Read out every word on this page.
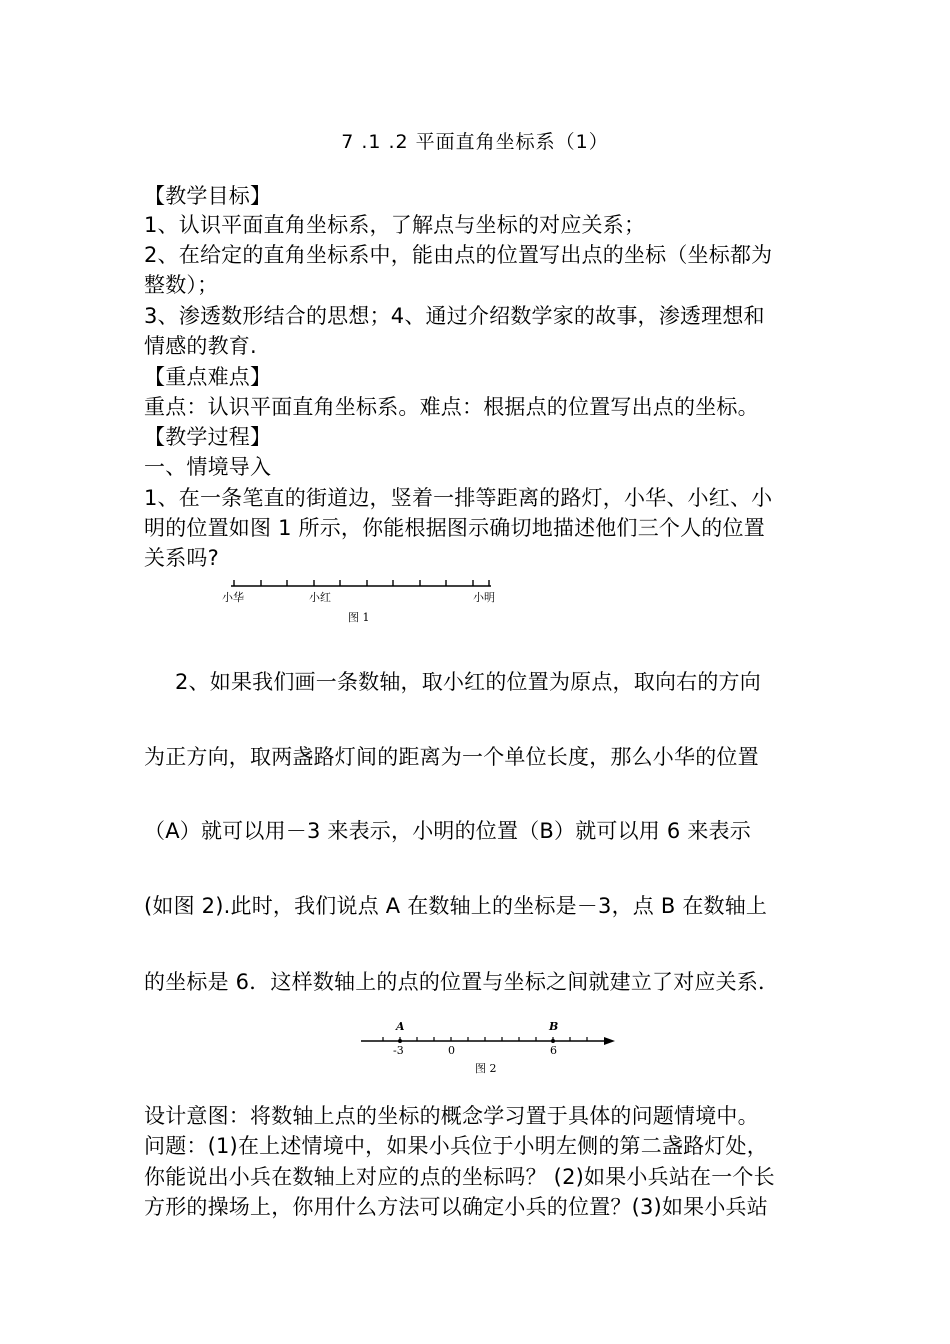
7 .1 .2 平面直角坐标系（1）
【教学目标】
1、认识平面直角坐标系，了解点与坐标的对应关系；
2、在给定的直角坐标系中，能由点的位置写出点的坐标（坐标都为
整数）；
3、渗透数形结合的思想；4、通过介绍数学家的故事，渗透理想和
情感的教育.
【重点难点】
重点：认识平面直角坐标系。难点：根据点的位置写出点的坐标。
【教学过程】
一、情境导入
1、在一条笔直的街道边，竖着一排等距离的路灯，小华、小红、小
明的位置如图 1 所示，你能根据图示确切地描述他们三个人的位置
关系吗?
小华	小红	小明
图 1
2、如果我们画一条数轴，取小红的位置为原点，取向右的方向
为正方向，取两盏路灯间的距离为一个单位长度，那么小华的位置
（A）就可以用－3 来表示，小明的位置（B）就可以用 6 来表示
(如图 2).此时，我们说点 A 在数轴上的坐标是－3，点 B 在数轴上
的坐标是 6．这样数轴上的点的位置与坐标之间就建立了对应关系．
A	B
-3	0	6
图 2
设计意图：将数轴上点的坐标的概念学习置于具体的问题情境中。
问题：(1)在上述情境中，如果小兵位于小明左侧的第二盏路灯处，
你能说出小兵在数轴上对应的点的坐标吗？ (2)如果小兵站在一个长
方形的操场上，你用什么方法可以确定小兵的位置？(3)如果小兵站
